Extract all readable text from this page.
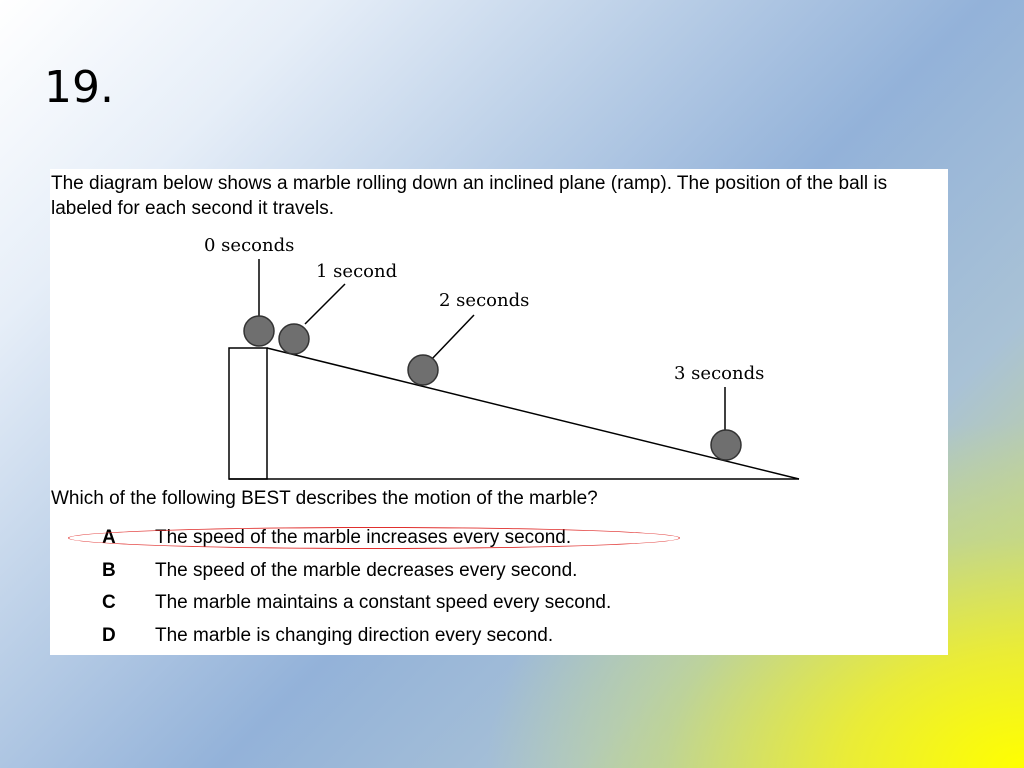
19.
The diagram below shows a marble rolling down an inclined plane (ramp). The position of the ball is labeled for each second it travels.
0 seconds
1 second
2 seconds
3 seconds
Which of the following BEST describes the motion of the marble?
A The speed of the marble increases every second.
B The speed of the marble decreases every second.
C The marble maintains a constant speed every second.
D The marble is changing direction every second.
